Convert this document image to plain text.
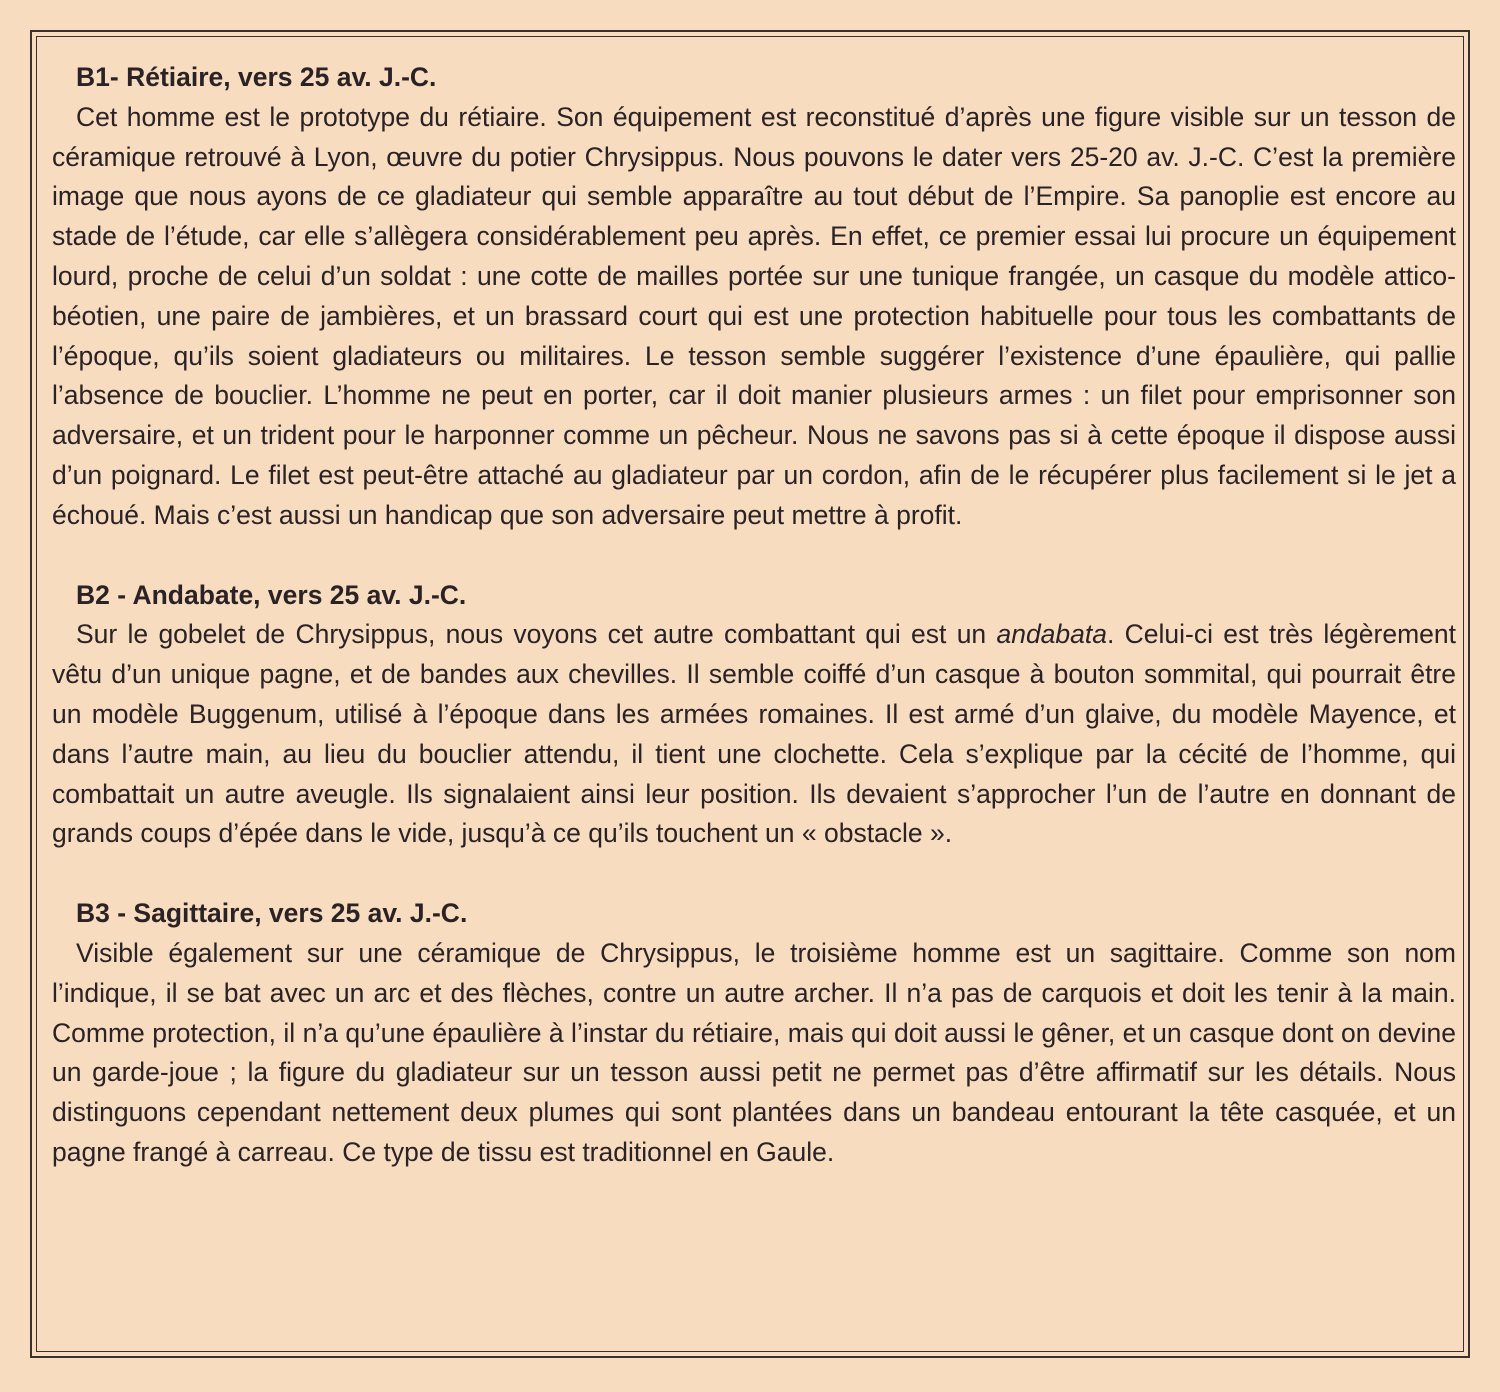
B1- Rétiaire, vers 25 av. J.-C.

Cet homme est le prototype du rétiaire. Son équipement est reconstitué d’après une figure visible sur un tesson de céramique retrouvé à Lyon, œuvre du potier Chrysippus. Nous pouvons le dater vers 25-20 av. J.-C. C’est la première image que nous ayons de ce gladiateur qui semble apparaître au tout début de l’Empire. Sa panoplie est encore au stade de l’étude, car elle s’allègera considérablement peu après. En effet, ce premier essai lui procure un équipement lourd, proche de celui d’un soldat : une cotte de mailles portée sur une tunique frangée, un casque du modèle attico-béotien, une paire de jambières, et un brassard court qui est une protection habituelle pour tous les combattants de l’époque, qu’ils soient gladiateurs ou militaires. Le tesson semble suggérer l’existence d’une épaulière, qui pallie l’absence de bouclier. L’homme ne peut en porter, car il doit manier plusieurs armes : un filet pour emprisonner son adversaire, et un trident pour le harponner comme un pêcheur. Nous ne savons pas si à cette époque il dispose aussi d’un poignard. Le filet est peut-être attaché au gladiateur par un cordon, afin de le récupérer plus facilement si le jet a échoué. Mais c’est aussi un handicap que son adversaire peut mettre à profit.

B2 - Andabate, vers 25 av. J.-C.

Sur le gobelet de Chrysippus, nous voyons cet autre combattant qui est un andabata. Celui-ci est très légèrement vêtu d’un unique pagne, et de bandes aux chevilles. Il semble coiffé d’un casque à bouton sommital, qui pourrait être un modèle Buggenum, utilisé à l’époque dans les armées romaines. Il est armé d’un glaive, du modèle Mayence, et dans l’autre main, au lieu du bouclier attendu, il tient une clochette. Cela s’explique par la cécité de l’homme, qui combattait un autre aveugle. Ils signalaient ainsi leur position. Ils devaient s’approcher l’un de l’autre en donnant de grands coups d’épée dans le vide, jusqu’à ce qu’ils touchent un « obstacle ».

B3 - Sagittaire, vers 25 av. J.-C.

Visible également sur une céramique de Chrysippus, le troisième homme est un sagittaire. Comme son nom l’indique, il se bat avec un arc et des flèches, contre un autre archer. Il n’a pas de carquois et doit les tenir à la main. Comme protection, il n’a qu’une épaulière à l’instar du rétiaire, mais qui doit aussi le gêner, et un casque dont on devine un garde-joue ; la figure du gladiateur sur un tesson aussi petit ne permet pas d’être affirmatif sur les détails. Nous distinguons cependant nettement deux plumes qui sont plantées dans un bandeau entourant la tête casquée, et un pagne frangé à carreau. Ce type de tissu est traditionnel en Gaule.
